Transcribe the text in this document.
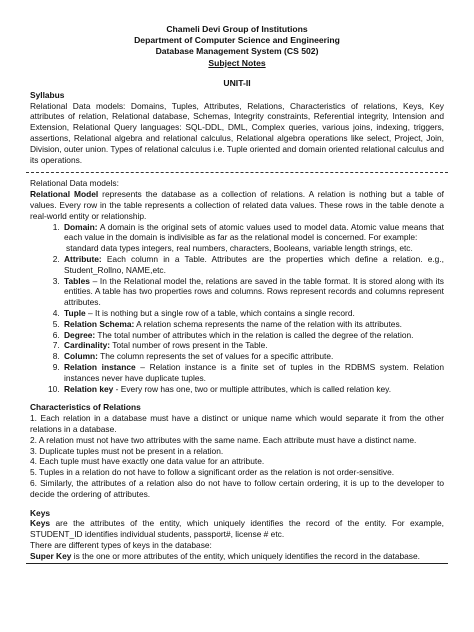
Chameli Devi Group of Institutions
Department of Computer Science and Engineering
Database Management System (CS 502)
Subject Notes
UNIT-II
Syllabus

Relational Data models: Domains, Tuples, Attributes, Relations, Characteristics of relations, Keys, Key attributes of relation, Relational database, Schemas, Integrity constraints, Referential integrity, Intension and Extension, Relational Query languages: SQL-DDL, DML, Complex queries, various joins, indexing, triggers, assertions, Relational algebra and relational calculus, Relational algebra operations like select, Project, Join, Division, outer union. Types of relational calculus i.e. Tuple oriented and domain oriented relational calculus and its operations.

Relational Data models:

Relational Model represents the database as a collection of relations. A relation is nothing but a table of values. Every row in the table represents a collection of related data values. These rows in the table denote a real-world entity or relationship.

1. Domain: A domain is the original sets of atomic values used to model data. Atomic value means that each value in the domain is indivisible as far as the relational model is concerned. For example:
standard data types integers, real numbers, characters, Booleans, variable length strings, etc.
2. Attribute: Each column in a Table. Attributes are the properties which define a relation. e.g., Student_Rollno, NAME,etc.
3. Tables – In the Relational model the, relations are saved in the table format. It is stored along with its entities. A table has two properties rows and columns. Rows represent records and columns represent attributes.
4. Tuple – It is nothing but a single row of a table, which contains a single record.
5. Relation Schema: A relation schema represents the name of the relation with its attributes.
6. Degree: The total number of attributes which in the relation is called the degree of the relation.
7. Cardinality: Total number of rows present in the Table.
8. Column: The column represents the set of values for a specific attribute.
9. Relation instance – Relation instance is a finite set of tuples in the RDBMS system. Relation instances never have duplicate tuples.
10. Relation key - Every row has one, two or multiple attributes, which is called relation key.
Characteristics of Relations

1. Each relation in a database must have a distinct or unique name which would separate it from the other relations in a database.

2. A relation must not have two attributes with the same name. Each attribute must have a distinct name.

3. Duplicate tuples must not be present in a relation.

4. Each tuple must have exactly one data value for an attribute.

5. Tuples in a relation do not have to follow a significant order as the relation is not order-sensitive.

6. Similarly, the attributes of a relation also do not have to follow certain ordering, it is up to the developer to decide the ordering of attributes.

Keys

Keys are the attributes of the entity, which uniquely identifies the record of the entity. For example, STUDENT_ID identifies individual students, passport#, license # etc.

There are different types of keys in the database:

Super Key is the one or more attributes of the entity, which uniquely identifies the record in the database.
